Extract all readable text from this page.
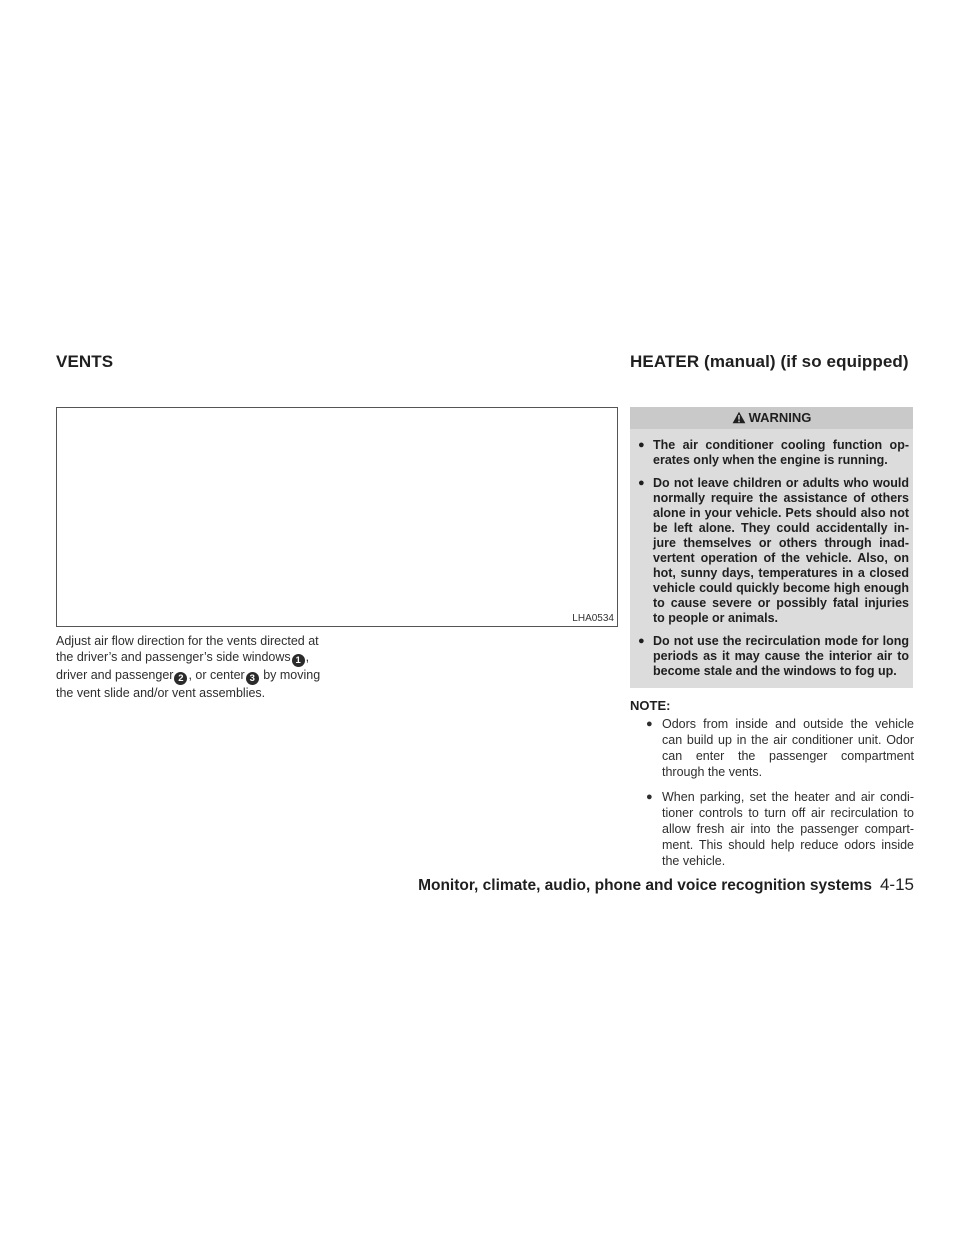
VENTS	HEATER (manual) (if so equipped)
LHA0534
Adjust air flow direction for the vents directed at the driver’s and passenger’s side windows 1 , driver and passenger 2 , or center 3 by moving the vent slide and/or vent assemblies.
WARNING
● The air conditioner cooling function op- erates only when the engine is running.
● Do not leave children or adults who would normally require the assistance of others alone in your vehicle. Pets should also not be left alone. They could accidentally in- jure themselves or others through inad- vertent operation of the vehicle. Also, on hot, sunny days, temperatures in a closed vehicle could quickly become high enough to cause severe or possibly fatal injuries to people or animals.
● Do not use the recirculation mode for long periods as it may cause the interior air to become stale and the windows to fog up.
NOTE:
● Odors from inside and outside the vehicle can build up in the air conditioner unit. Odor can enter the passenger compartment through the vents.
● When parking, set the heater and air condi- tioner controls to turn off air recirculation to allow fresh air into the passenger compart- ment. This should help reduce odors inside the vehicle.
Monitor, climate, audio, phone and voice recognition systems 4-15
